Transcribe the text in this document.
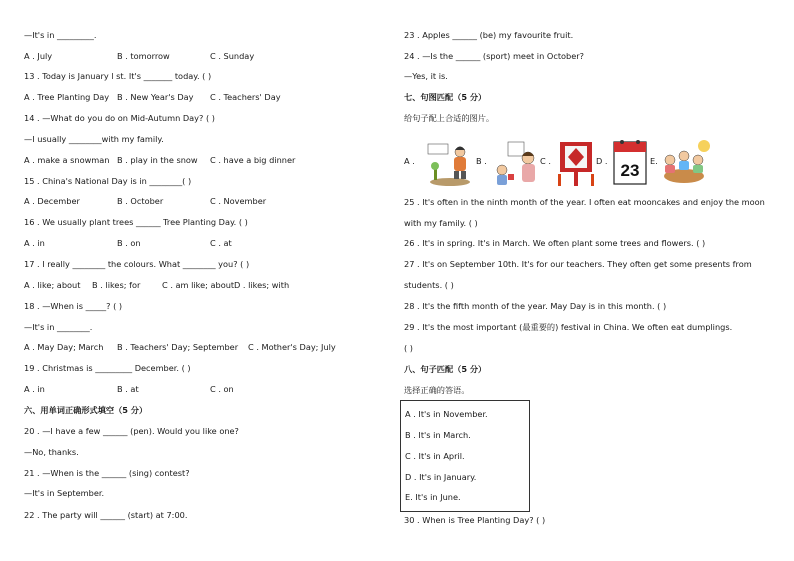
—It's in _________.
A . July	B . tomorrow	C . Sunday
13 . Today is January l st. It's _______ today. ( )
A . Tree Planting Day B . New Year's Day C . Teachers' Day
14 . —What do you do on Mid-Autumn Day? ( )
—I usually ________with my family.
A . make a snowman B . play in the snow C . have a big dinner
15 . China's National Day is in ________( )
A . December	B . October	C . November
16 . We usually plant trees ______ Tree Planting Day. ( )
A . in	B . on	C . at
17 . I really ________ the colours. What ________ you? ( )
A . like; about B . likes; for	C . am like; about D . likes; with
18 . —When is _____? ( )
—It's in ________.
A . May Day; March B . Teachers' Day; September C . Mother's Day; July
19 . Christmas is _________ December. ( )
A . in	B . at	C . on
六、用单词正确形式填空（5 分）
20 . —I have a few ______ (pen). Would you like one?
—No, thanks.
21 . —When is the ______ (sing) contest?
—It's in September.
22 . The party will ______ (start) at 7:00.
23 . Apples ______ (be) my favourite fruit.
24 . —Is the ______ (sport) meet in October?
—Yes, it is.
七、句图匹配（5 分）
给句子配上合适的图片。
A .	B .	C .	D . 23 E.
25 . It's often in the ninth month of the year. I often eat mooncakes and enjoy the moon
with my family. ( )
26 . It's in spring. It's in March. We often plant some trees and flowers. ( )
27 . It's on September 10th. It's for our teachers. They often get some presents from
students. ( )
28 . It's the fifth month of the year. May Day is in this month. ( )
29 . It's the most important (最重要的) festival in China. We often eat dumplings.
( )
八、句子匹配（5 分）
选择正确的答语。
30 . When is Tree Planting Day? ( )
A . It's in November.
B . It's in March.
C . It's in April.
D . It's in January.
E. It's in June.
